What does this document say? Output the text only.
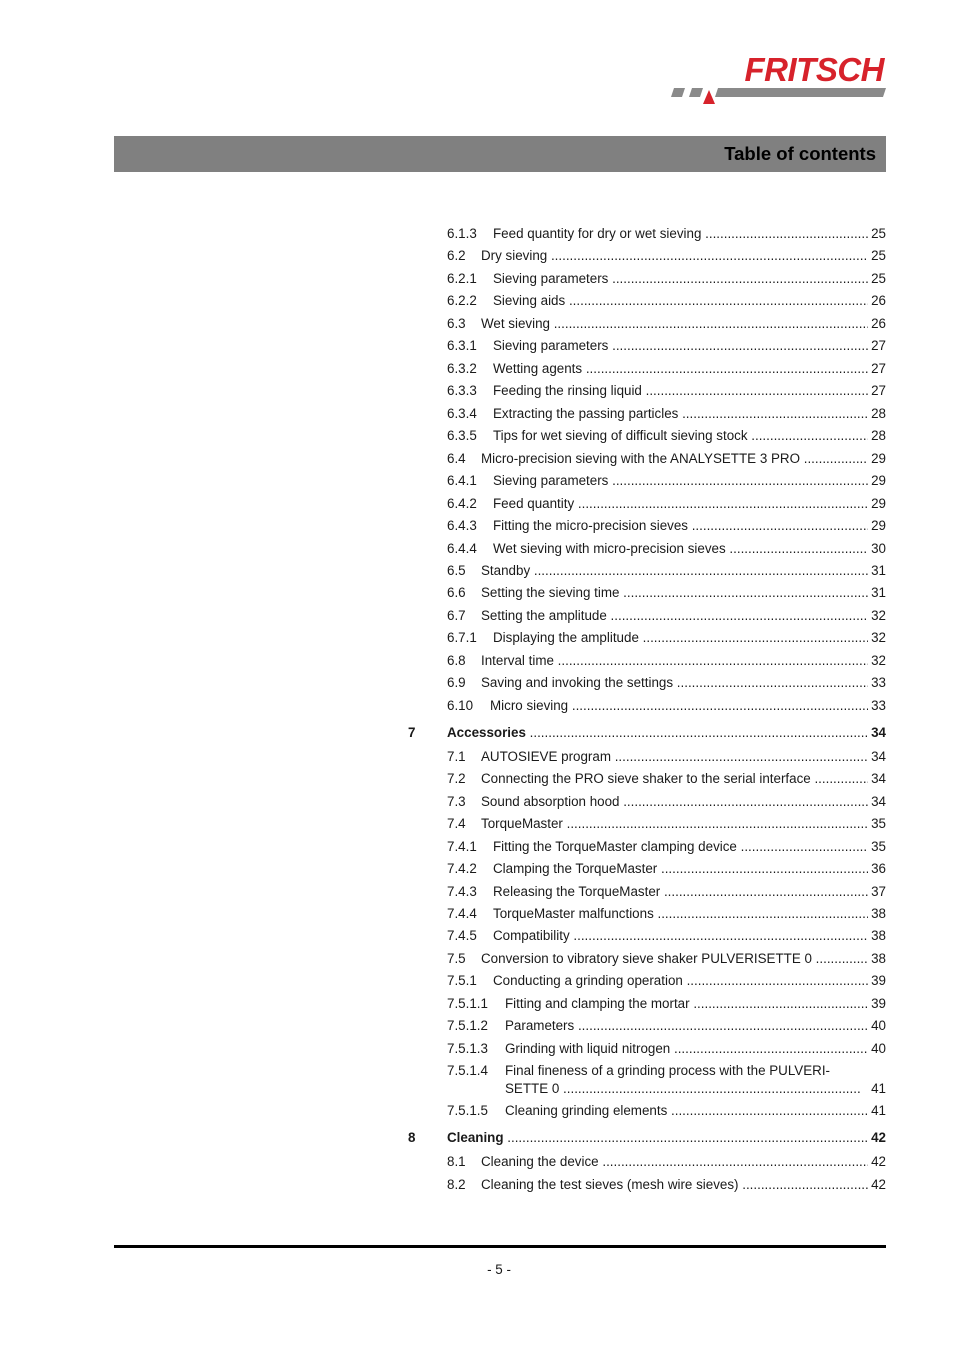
FRITSCH
Table of contents
6.1.3	Feed quantity for dry or wet sieving .....	25
6.2	Dry sieving .....	25
6.2.1	Sieving parameters .....	25
6.2.2	Sieving aids .....	26
6.3	Wet sieving .....	26
6.3.1	Sieving parameters .....	27
6.3.2	Wetting agents .....	27
6.3.3	Feeding the rinsing liquid .....	27
6.3.4	Extracting the passing particles .....	28
6.3.5	Tips for wet sieving of difficult sieving stock .....	28
6.4	Micro-precision sieving with the ANALYSETTE 3 PRO .....	29
6.4.1	Sieving parameters .....	29
6.4.2	Feed quantity .....	29
6.4.3	Fitting the micro-precision sieves .....	29
6.4.4	Wet sieving with micro-precision sieves .....	30
6.5	Standby .....	31
6.6	Setting the sieving time .....	31
6.7	Setting the amplitude .....	32
6.7.1	Displaying the amplitude .....	32
6.8	Interval time .....	32
6.9	Saving and invoking the settings .....	33
6.10	Micro sieving .....	33
7	Accessories .....	34
7.1	AUTOSIEVE program .....	34
7.2	Connecting the PRO sieve shaker to the serial interface .....	34
7.3	Sound absorption hood .....	34
7.4	TorqueMaster .....	35
7.4.1	Fitting the TorqueMaster clamping device .....	35
7.4.2	Clamping the TorqueMaster .....	36
7.4.3	Releasing the TorqueMaster .....	37
7.4.4	TorqueMaster malfunctions .....	38
7.4.5	Compatibility .....	38
7.5	Conversion to vibratory sieve shaker PULVERISETTE 0 .....	38
7.5.1	Conducting a grinding operation .....	39
7.5.1.1	Fitting and clamping the mortar .....	39
7.5.1.2	Parameters .....	40
7.5.1.3	Grinding with liquid nitrogen .....	40
7.5.1.4	Final fineness of a grinding process with the PULVERI-
SETTE 0 .....	41
7.5.1.5	Cleaning grinding elements .....	41
8	Cleaning .....	42
8.1	Cleaning the device .....	42
8.2	Cleaning the test sieves (mesh wire sieves) .....	42
- 5 -
